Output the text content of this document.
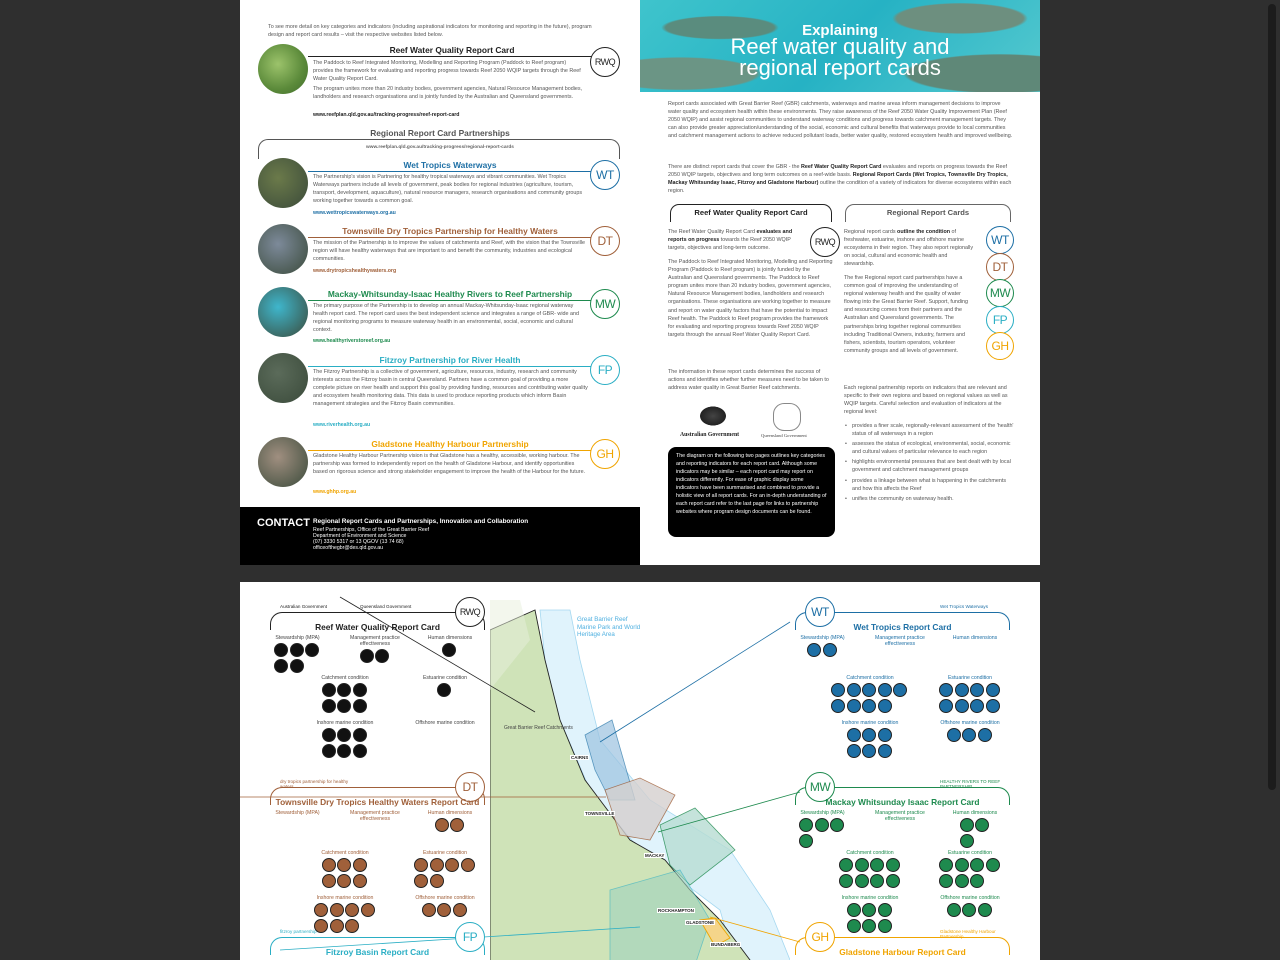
To see more detail on key categories and indicators (including aspirational indicators for monitoring and reporting in the future), program design and report card results – visit the respective websites listed below.
Reef Water Quality Report Card
RWQ
The Paddock to Reef Integrated Monitoring, Modelling and Reporting Program (Paddock to Reef program) provides the framework for evaluating and reporting progress towards Reef 2050 WQIP targets through the Reef Water Quality Report Card.
The program unites more than 20 industry bodies, government agencies, Natural Resource Management bodies, landholders and research organisations and is jointly funded by the Australian and Queensland governments.
www.reefplan.qld.gov.au/tracking-progress/reef-report-card
Regional Report Card Partnerships
www.reefplan.qld.gov.au/tracking-progress/regional-report-cards
Wet Tropics Waterways
WT
The Partnership's vision is Partnering for healthy tropical waterways and vibrant communities. Wet Tropics Waterways partners include all levels of government, peak bodies for regional industries (agriculture, tourism, transport, development, aquaculture), natural resource managers, research organisations and community groups working together towards a common goal.
www.wettropicswaterways.org.au
Townsville Dry Tropics Partnership for Healthy Waters
DT
The mission of the Partnership is to improve the values of catchments and Reef, with the vision that the Townsville region will have healthy waterways that are important to and benefit the community, industries and ecological communities.
www.drytropicshealthywaters.org
Mackay-Whitsunday-Isaac Healthy Rivers to Reef Partnership
MW
The primary purpose of the Partnership is to develop an annual Mackay-Whitsunday-Isaac regional waterway health report card. The report card uses the best independent science and integrates a range of GBR- wide and regional monitoring programs to measure waterway health in an environmental, social, economic and cultural context.
www.healthyriverstoreef.org.au
Fitzroy Partnership for River Health
FP
The Fitzroy Partnership is a collective of government, agriculture, resources, industry, research and community interests across the Fitzroy basin in central Queensland. Partners have a common goal of providing a more complete picture on river health and support this goal by providing funding, resources and contributing water quality and ecosystem health monitoring data. This data is used to produce reporting products which inform Basin management strategies and the Fitzroy Basin communities.
www.riverhealth.org.au
Gladstone Healthy Harbour Partnership
GH
Gladstone Healthy Harbour Partnership vision is that Gladstone has a healthy, accessible, working harbour. The partnership was formed to independently report on the health of Gladstone Harbour, and identify opportunities based on rigorous science and strong stakeholder engagement to improve the health of the Harbour for the future.
www.ghhp.org.au
CONTACT Regional Report Cards and Partnerships, Innovation and Collaboration
Reef Partnerships, Office of the Great Barrier Reef
Department of Environment and Science
(07) 3330 5317 or 13 QGOV (13 74 68)
officeofthegbr@des.qld.gov.au
Explaining
Reef water quality and
regional report cards
Report cards associated with Great Barrier Reef (GBR) catchments, waterways and marine areas inform management decisions to improve water quality and ecosystem health within these environments. They raise awareness of the Reef 2050 Water Quality Improvement Plan (Reef 2050 WQIP) and assist regional communities to understand waterway conditions and progress towards catchment management targets. They can also provide greater appreciation/understanding of the social, economic and cultural benefits that waterways provide to local communities and catchment management actions to achieve reduced pollutant loads, better water quality, restored ecosystem health and improved wellbeing.
There are distinct report cards that cover the GBR - the Reef Water Quality Report Card evaluates and reports on progress towards the Reef 2050 WQIP targets, objectives and long term outcomes on a reef-wide basis. Regional Report Cards (Wet Tropics, Townsville Dry Tropics, Mackay Whitsunday Isaac, Fitzroy and Gladstone Harbour) outline the condition of a variety of indicators for diverse ecosystems within each region.
Reef Water Quality Report Card
The Reef Water Quality Report Card evaluates and reports on progress towards the Reef 2050 WQIP targets, objectives and long-term outcome.
RWQ
The Paddock to Reef Integrated Monitoring, Modelling and Reporting Program (Paddock to Reef program) is jointly funded by the Australian and Queensland governments. The Paddock to Reef program unites more than 20 industry bodies, government agencies, Natural Resource Management bodies, landholders and research organisations. These organisations are working together to measure and report on water quality factors that have the potential to impact Reef health. The Paddock to Reef program provides the framework for evaluating and reporting progress towards Reef 2050 WQIP targets through the annual Reef Water Quality Report Card.
The information in these report cards determines the success of actions and identifies whether further measures need to be taken to address water quality in Great Barrier Reef catchments.
Australian Government	Queensland Government
The diagram on the following two pages outlines key categories and reporting indicators for each report card. Although some indicators may be similar – each report card may report on indicators differently. For ease of graphic display some indicators have been summarised and combined to provide a holistic view of all report cards. For an in-depth understanding of each report card refer to the last page for links to partnership websites where program design documents can be found.
Regional Report Cards
Regional report cards outline the condition of freshwater, estuarine, inshore and offshore marine ecosystems in their region. They also report regionally on social, cultural and economic health and stewardship.
The five Regional report card partnerships have a common goal of improving the understanding of regional waterway health and the quality of water flowing into the Great Barrier Reef. Support, funding and resourcing comes from their partners and the Australian and Queensland governments. The partnerships bring together regional communities including Traditional Owners, industry, farmers and fishers, scientists, tourism operators, volunteer community groups and all levels of government.
Each regional partnership reports on indicators that are relevant and specific to their own regions and based on regional values as well as WQIP targets. Careful selection and evaluation of indicators at the regional level:
• provides a finer scale, regionally-relevant assessment of the 'health' status of all waterways in a region
• assesses the status of ecological, environmental, social, economic and cultural values of particular relevance to each region
• highlights environmental pressures that are best dealt with by local government and catchment management groups
• provides a linkage between what is happening in the catchments and how this affects the Reef
• unifies the community on waterway health.
WT
DT
MW
FP
GH
Great Barrier Reef Catchments
Great Barrier Reef Marine Park and World Heritage Area
CAIRNS
TOWNSVILLE
MACKAY
ROCKHAMPTON
GLADSTONE
BUNDABERG
RWQ
Australian Government
Reef Water Quality Report Card
Queensland Government
Stewardship (MPA)	Management practice effectiveness
Human dimensions
Catchment condition	Estuarine condition
Inshore marine condition	Offshore marine condition
WT	Wet Tropics Waterways
Wet Tropics Report Card
Stewardship (MPA)	Management practice effectiveness
Human dimensions
Catchment condition	Estuarine condition
Inshore marine condition	Offshore marine condition
DT
dry tropics partnership for healthy waters
Townsville Dry Tropics Healthy Waters Report Card
Stewardship (MPA)	Management practice effectiveness
Human dimensions
Catchment condition	Estuarine condition
Inshore marine condition	Offshore marine condition
MW	HEALTHY RIVERS TO REEF PARTNERSHIP
Mackay Whitsunday Isaac Report Card
Stewardship (MPA)	Management practice effectiveness
Human dimensions
Catchment condition	Estuarine condition
Inshore marine condition	Offshore marine condition
FP
fitzroy partnership
Fitzroy Basin Report Card
GH	Gladstone Healthy Harbour Partnership
Gladstone Harbour Report Card
